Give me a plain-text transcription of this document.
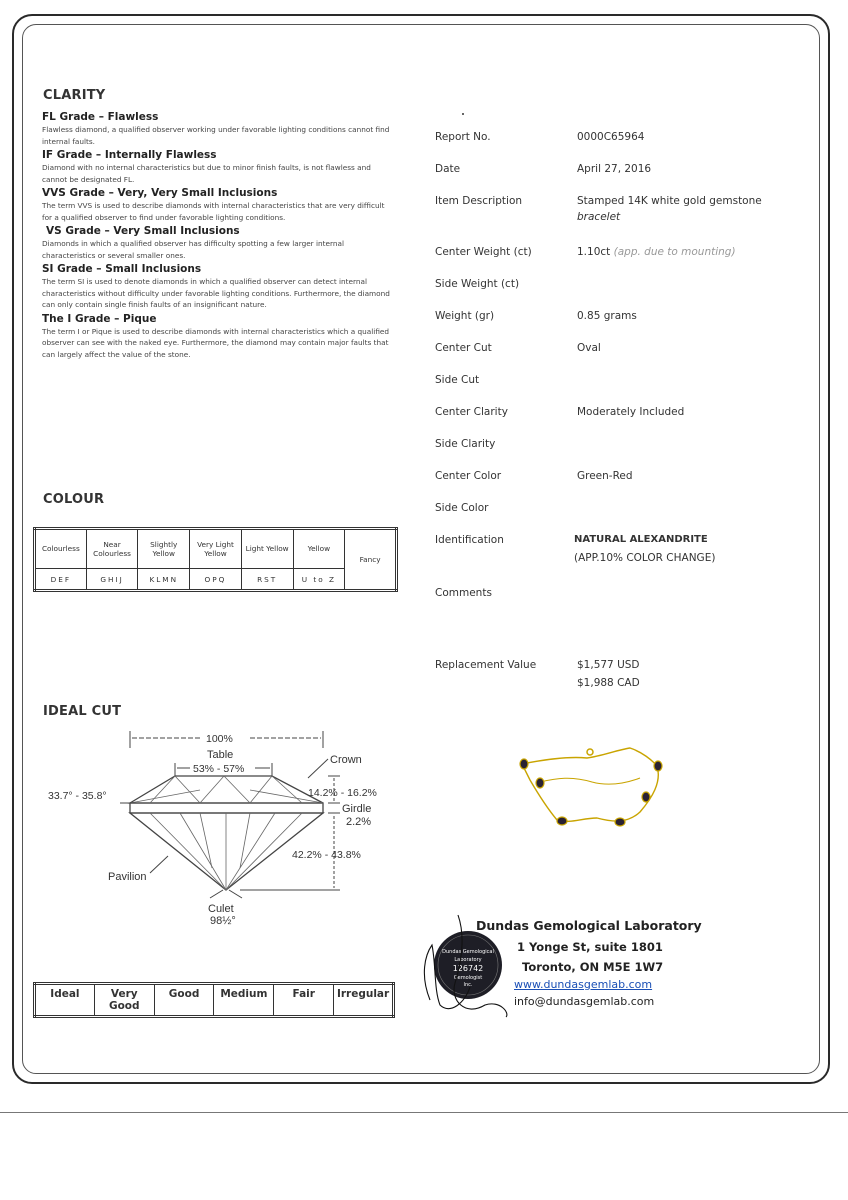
CLARITY

FL Grade – Flawless

Flawless diamond, a qualified observer working under favorable lighting conditions cannot find internal faults.

IF Grade – Internally Flawless

Diamond with no internal characteristics but due to minor finish faults, is not flawless and cannot be designated FL.

VVS Grade – Very, Very Small Inclusions

The term VVS is used to describe diamonds with internal characteristics that are very difficult for a qualified observer to find under favorable lighting conditions.

VS Grade – Very Small Inclusions

Diamonds in which a qualified observer has difficulty spotting a few larger internal characteristics or several smaller ones.

SI Grade – Small Inclusions

The term SI is used to denote diamonds in which a qualified observer can detect internal characteristics without difficulty under favorable lighting conditions. Furthermore, the diamond can only contain single finish faults of an insignificant nature.

The I Grade – Pique

The term I or Pique is used to describe diamonds with internal characteristics which a qualified observer can see with the naked eye. Furthermore, the diamond may contain major faults that can largely affect the value of the stone.

COLOUR
Colourless	Near Colourless	Slightly Yellow	Very Light Yellow	Light Yellow	Yellow	Fancy
DEF	GHIJ	KLMN	OPQ	RST	U to Z	
IDEAL CUT
100%
Table
53% - 57%
Crown
33.7° - 35.8°	14.2% - 16.2%
Girdle
2.2%
42.2% - 43.8%
Pavilion
Culet
98½°
Ideal	Very Good	Good	Medium	Fair	Irregular
Report No.	0000C65964
Date	April 27, 2016
Item Description	Stamped 14K white gold gemstone
bracelet
Center Weight (ct)	1.10ct (app. due to mounting)
Side Weight (ct)
Weight (gr)	0.85 grams
Center Cut	Oval
Side Cut
Center Clarity	Moderately Included
Side Clarity
Center Color	Green-Red
Side Color
Identification	NATURAL ALEXANDRITE
(APP.10% COLOR CHANGE)
Comments
Replacement Value	$1,577 USD
$1,988 CAD
Dundas Gemological
Laboratory
126742
Gemologist
Inc.
Dundas Gemological Laboratory
1 Yonge St, suite 1801
Toronto, ON M5E 1W7
www.dundasgemlab.com
info@dundasgemlab.com
